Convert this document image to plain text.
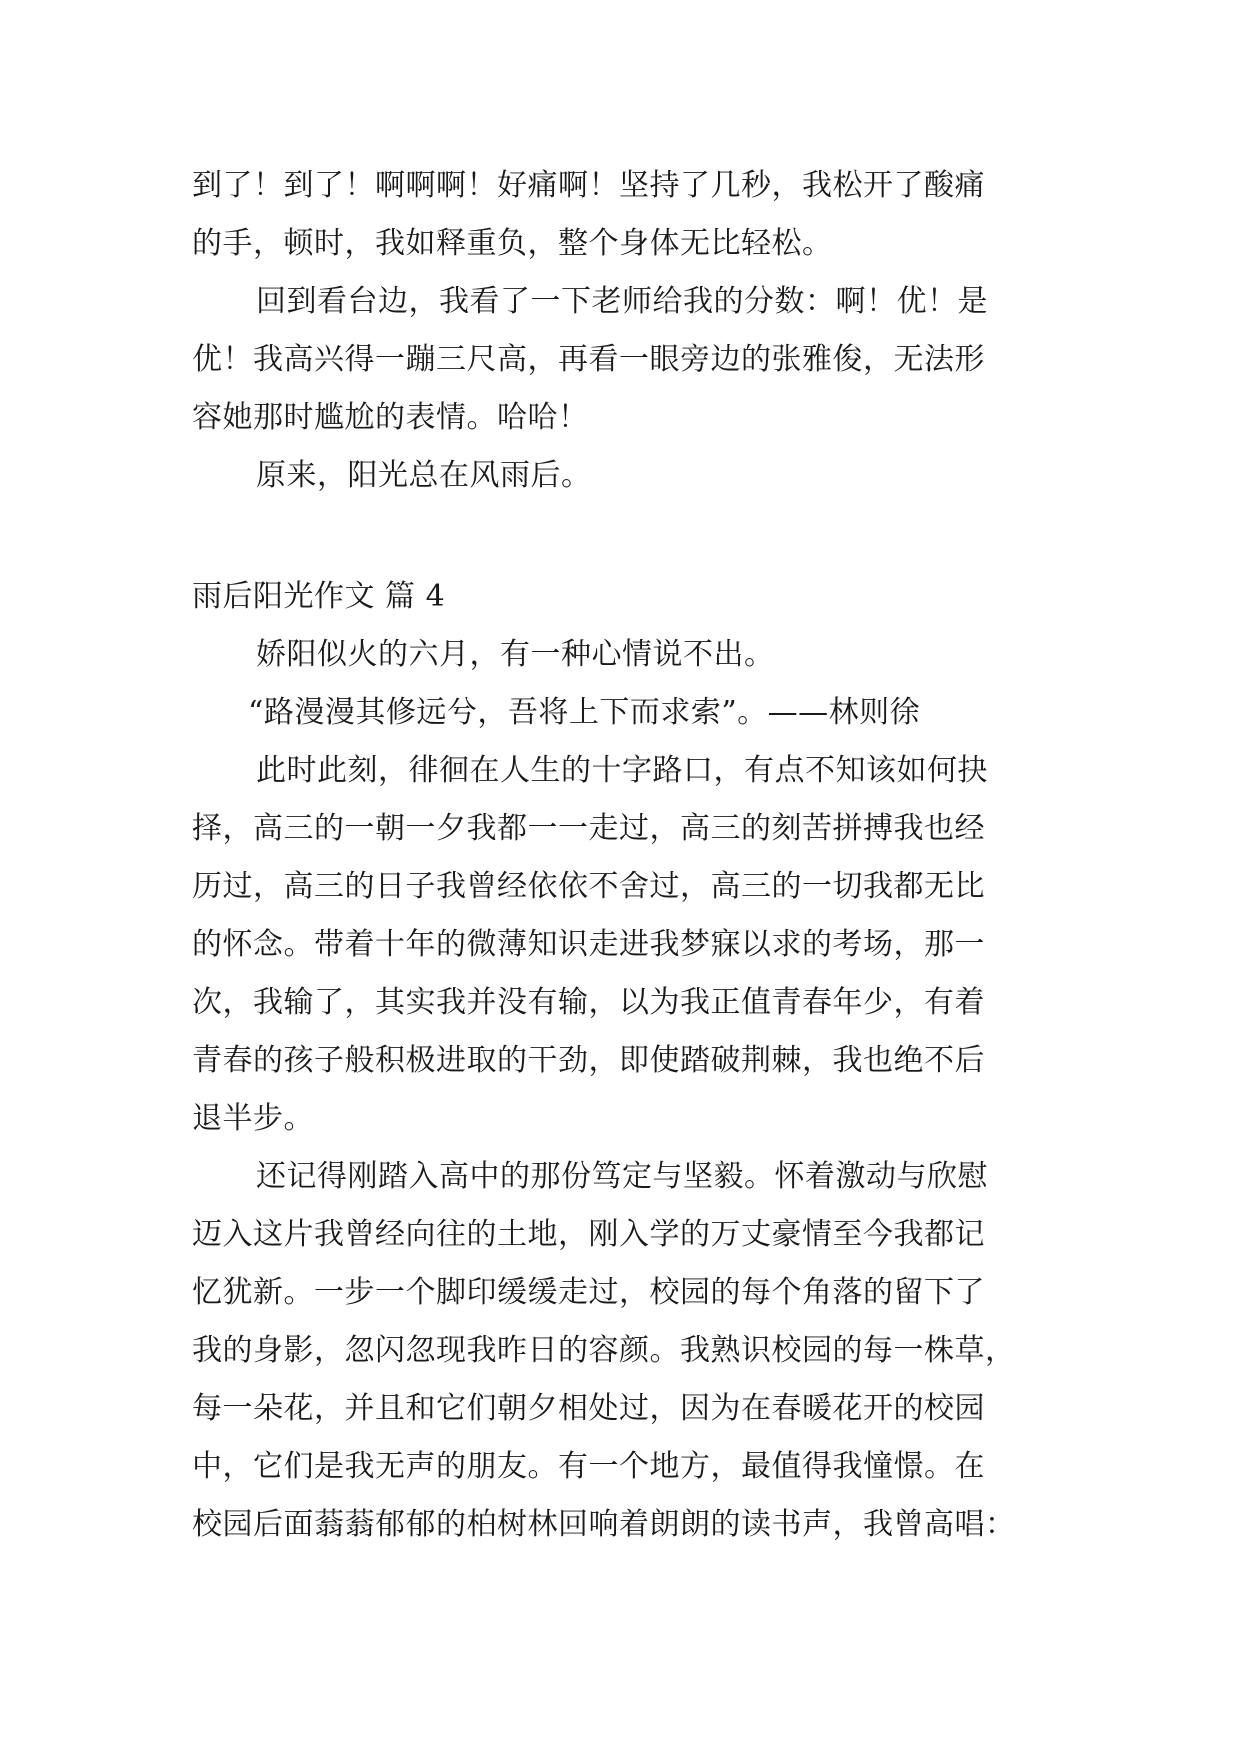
到了！到了！啊啊啊！好痛啊！坚持了几秒，我松开了酸痛
的手，顿时，我如释重负，整个身体无比轻松。
回到看台边，我看了一下老师给我的分数：啊！优！是
优！我高兴得一蹦三尺高，再看一眼旁边的张雅俊，无法形
容她那时尴尬的表情。哈哈！
原来，阳光总在风雨后。
雨后阳光作文 篇 4
娇阳似火的六月，有一种心情说不出。
“路漫漫其修远兮，吾将上下而求索”。——林则徐
此时此刻，徘徊在人生的十字路口，有点不知该如何抉
择，高三的一朝一夕我都一一走过，高三的刻苦拼搏我也经
历过，高三的日子我曾经依依不舍过，高三的一切我都无比
的怀念。带着十年的微薄知识走进我梦寐以求的考场，那一
次，我输了，其实我并没有输，以为我正值青春年少，有着
青春的孩子般积极进取的干劲，即使踏破荆棘，我也绝不后
退半步。
还记得刚踏入高中的那份笃定与坚毅。怀着激动与欣慰
迈入这片我曾经向往的土地，刚入学的万丈豪情至今我都记
忆犹新。一步一个脚印缓缓走过，校园的每个角落的留下了
我的身影，忽闪忽现我昨日的容颜。我熟识校园的每一株草，
每一朵花，并且和它们朝夕相处过，因为在春暖花开的校园
中，它们是我无声的朋友。有一个地方，最值得我憧憬。在
校园后面蓊蓊郁郁的柏树林回响着朗朗的读书声，我曾高唱：
